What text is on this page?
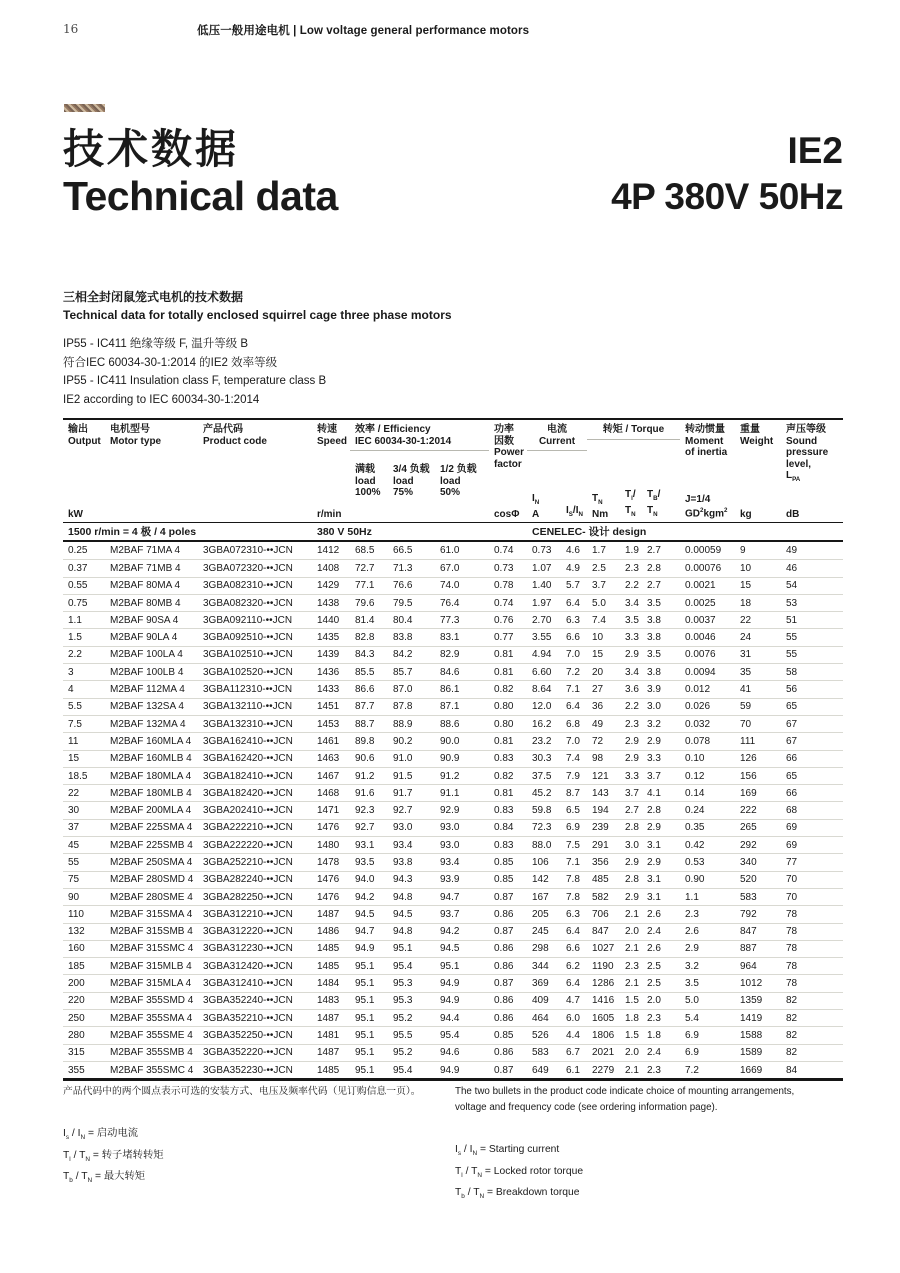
16	低压一般用途电机 | Low voltage general performance motors
技术数据
Technical data
IE2
4P 380V 50Hz
三相全封闭鼠笼式电机的技术数据
Technical data for totally enclosed squirrel cage three phase motors
IP55 - IC411 绝缘等级 F, 温升等级 B
符合IEC 60034-30-1:2014 的IE2 效率等级
IP55 - IC411 Insulation class F, temperature class B
IE2 according to IEC 60034-30-1:2014
输出
Output
kW
电机型号
Motor type
产品代码
Product code
转速
Speed
r/min
效率 / Efficiency
IEC 60034-30-1:2014
满载
load
100%
3/4 负载
load
75%
1/2 负载
load
50%
功率
因数
Power
factor
cosΦ
电流
Current
$I_N$
A	$I_S/I_N$
转矩 / Torque
$T_N$
Nm
$T_l/$
$T_N$
$T_B/$
$T_N$
转动惯量
Moment
of inertia
J=1/4
$GD^2kgm^2$
重量
Weight
kg
声压等级
Sound
pressure
level,
$L_{PA}$
dB
1500 r/min = 4 极 / 4 poles	380 V 50Hz	CENELEC- 设计 design
0.25	M2BAF 71MA 4	3GBA072310-••JCN	1412	68.5	66.5	61.0	0.74	0.73	4.6	1.7	1.9 2.7	0.00059	9	49
0.37	M2BAF 71MB 4	3GBA072320-••JCN	1408	72.7	71.3	67.0	0.73	1.07	4.9	2.5	2.3 2.8	0.00076	10	46
0.55	M2BAF 80MA 4	3GBA082310-••JCN	1429	77.1	76.6	74.0	0.78	1.40	5.7	3.7	2.2 2.7	0.0021	15	54
0.75	M2BAF 80MB 4	3GBA082320-••JCN	1438	79.6	79.5	76.4	0.74	1.97	6.4	5.0	3.4 3.5	0.0025	18	53
1.1	M2BAF 90SA 4	3GBA092110-••JCN	1440	81.4	80.4	77.3	0.76	2.70	6.3	7.4	3.5 3.8	0.0037	22	51
1.5	M2BAF 90LA 4	3GBA092510-••JCN	1435	82.8	83.8	83.1	0.77	3.55	6.6	10	3.3 3.8	0.0046	24	55
2.2	M2BAF 100LA 4	3GBA102510-••JCN	1439	84.3	84.2	82.9	0.81	4.94	7.0	15	2.9 3.5	0.0076	31	55
3	M2BAF 100LB 4	3GBA102520-••JCN	1436	85.5	85.7	84.6	0.81	6.60	7.2	20	3.4 3.8	0.0094	35	58
4	M2BAF 112MA 4	3GBA112310-••JCN	1433	86.6	87.0	86.1	0.82	8.64	7.1	27	3.6 3.9	0.012	41	56
5.5	M2BAF 132SA 4	3GBA132110-••JCN	1451	87.7	87.8	87.1	0.80	12.0	6.4	36	2.2 3.0	0.026	59	65
7.5	M2BAF 132MA 4	3GBA132310-••JCN	1453	88.7	88.9	88.6	0.80	16.2	6.8	49	2.3 3.2	0.032	70	67
11	M2BAF 160MLA 4	3GBA162410-••JCN	1461	89.8	90.2	90.0	0.81	23.2	7.0	72	2.9 2.9	0.078	111	67
15	M2BAF 160MLB 4	3GBA162420-••JCN	1463	90.6	91.0	90.9	0.83	30.3	7.4	98	2.9 3.3	0.10	126	66
18.5	M2BAF 180MLA 4	3GBA182410-••JCN	1467	91.2	91.5	91.2	0.82	37.5	7.9	121	3.3 3.7	0.12	156	65
22	M2BAF 180MLB 4	3GBA182420-••JCN	1468	91.6	91.7	91.1	0.81	45.2	8.7	143	3.7 4.1	0.14	169	66
30	M2BAF 200MLA 4	3GBA202410-••JCN	1471	92.3	92.7	92.9	0.83	59.8	6.5	194	2.7 2.8	0.24	222	68
37	M2BAF 225SMA 4	3GBA222210-••JCN	1476	92.7	93.0	93.0	0.84	72.3	6.9	239	2.8 2.9	0.35	265	69
45	M2BAF 225SMB 4	3GBA222220-••JCN	1480	93.1	93.4	93.0	0.83	88.0	7.5	291	3.0 3.1	0.42	292	69
55	M2BAF 250SMA 4	3GBA252210-••JCN	1478	93.5	93.8	93.4	0.85	106	7.1	356	2.9 2.9	0.53	340	77
75	M2BAF 280SMD 4 3GBA282240-••JCN	1476	94.0	94.3	93.9	0.85	142	7.8	485	2.8 3.1	0.90	520	70
90	M2BAF 280SME 4	3GBA282250-••JCN	1476	94.2	94.8	94.7	0.87	167	7.8	582	2.9 3.1	1.1	583	70
110	M2BAF 315SMA 4	3GBA312210-••JCN	1487	94.5	94.5	93.7	0.86	205	6.3	706	2.1 2.6	2.3	792	78
132	M2BAF 315SMB 4	3GBA312220-••JCN	1486	94.7	94.8	94.2	0.87	245	6.4	847	2.0 2.4	2.6	847	78
160	M2BAF 315SMC 4 3GBA312230-••JCN	1485	94.9	95.1	94.5	0.86	298	6.6	1027	2.1 2.6	2.9	887	78
185	M2BAF 315MLB 4	3GBA312420-••JCN	1485	95.1	95.4	95.1	0.86	344	6.2	1190	2.3 2.5	3.2	964	78
200	M2BAF 315MLA 4	3GBA312410-••JCN	1484	95.1	95.3	94.9	0.87	369	6.4	1286	2.1 2.5	3.5	1012	78
220	M2BAF 355SMD 4 3GBA352240-••JCN	1483	95.1	95.3	94.9	0.86	409	4.7	1416	1.5 2.0	5.0	1359	82
250	M2BAF 355SMA 4	3GBA352210-••JCN	1487	95.1	95.2	94.4	0.86	464	6.0	1605	1.8 2.3	5.4	1419	82
280	M2BAF 355SME 4	3GBA352250-••JCN	1481	95.1	95.5	95.4	0.85	526	4.4	1806	1.5 1.8	6.9	1588	82
315	M2BAF 355SMB 4	3GBA352220-••JCN	1487	95.1	95.2	94.6	0.86	583	6.7	2021	2.0 2.4	6.9	1589	82
355	M2BAF 355SMC 4 3GBA352230-••JCN	1485	95.1	95.4	94.9	0.87	649	6.1	2279	2.1 2.3	7.2	1669	84
产品代码中的两个圆点表示可选的安装方式、电压及频率代码（见订购信息一页）。
$I_s / I_N$ = 启动电流
$T_l / T_N$ = 转子堵转转矩
$T_b / T_N$ = 最大转矩
The two bullets in the product code indicate choice of mounting arrangements,
voltage and frequency code (see ordering information page).
$I_s / I_N$ = Starting current
$T_l / T_N$ = Locked rotor torque
$T_b / T_N$ = Breakdown torque
